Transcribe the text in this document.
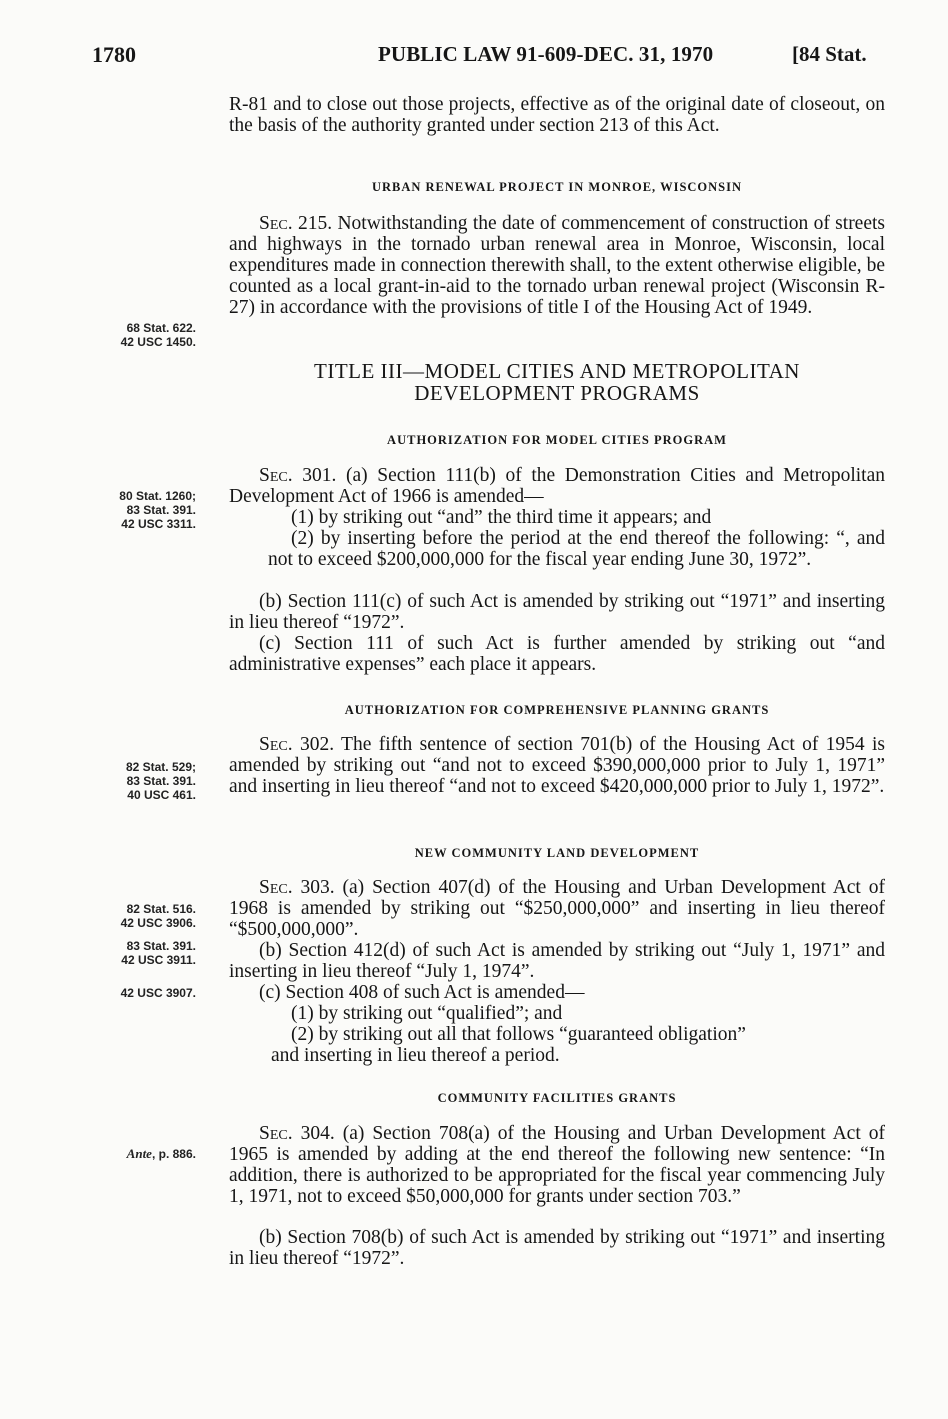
1780	PUBLIC LAW 91-609-DEC. 31, 1970	[84 Stat.
R-81 and to close out those projects, effective as of the original date of closeout, on the basis of the authority granted under section 213 of this Act.
URBAN RENEWAL PROJECT IN MONROE, WISCONSIN
Sec. 215. Notwithstanding the date of commencement of construction of streets and highways in the tornado urban renewal area in Monroe, Wisconsin, local expenditures made in connection therewith shall, to the extent otherwise eligible, be counted as a local grant-in-aid to the tornado urban renewal project (Wisconsin R-27) in accordance with the provisions of title I of the Housing Act of 1949.
68 Stat. 622.
42 USC 1450.
TITLE III—MODEL CITIES AND METROPOLITAN
DEVELOPMENT PROGRAMS
AUTHORIZATION FOR MODEL CITIES PROGRAM
Sec. 301. (a) Section 111(b) of the Demonstration Cities and Metropolitan Development Act of 1966 is amended—
80 Stat. 1260;
83 Stat. 391.
42 USC 3311.	(1) by striking out “and” the third time it appears; and
(2) by inserting before the period at the end thereof the following: “, and not to exceed $200,000,000 for the fiscal year ending June 30, 1972”.
(b) Section 111(c) of such Act is amended by striking out “1971” and inserting in lieu thereof “1972”.
(c) Section 111 of such Act is further amended by striking out “and administrative expenses” each place it appears.
AUTHORIZATION FOR COMPREHENSIVE PLANNING GRANTS
Sec. 302. The fifth sentence of section 701(b) of the Housing Act of 1954 is amended by striking out “and not to exceed $390,000,000 prior to July 1, 1971” and inserting in lieu thereof “and not to exceed $420,000,000 prior to July 1, 1972”.
82 Stat. 529;
83 Stat. 391.
40 USC 461.
NEW COMMUNITY LAND DEVELOPMENT
Sec. 303. (a) Section 407(d) of the Housing and Urban Development Act of 1968 is amended by striking out “$250,000,000” and inserting in lieu thereof “$500,000,000”.
82 Stat. 516.
42 USC 3906.
83 Stat. 391.
42 USC 3911.	(b) Section 412(d) of such Act is amended by striking out “July 1, 1971” and inserting in lieu thereof “July 1, 1974”.
42 USC 3907.	(c) Section 408 of such Act is amended—
(1) by striking out “qualified”; and
(2) by striking out all that follows “guaranteed obligation”
and inserting in lieu thereof a period.
COMMUNITY FACILITIES GRANTS
Sec. 304. (a) Section 708(a) of the Housing and Urban Development Act of 1965 is amended by adding at the end thereof the following new sentence: “In addition, there is authorized to be appropriated for the fiscal year commencing July 1, 1971, not to exceed $50,000,000 for grants under section 703.”
Ante, p. 886.
(b) Section 708(b) of such Act is amended by striking out “1971” and inserting in lieu thereof “1972”.
